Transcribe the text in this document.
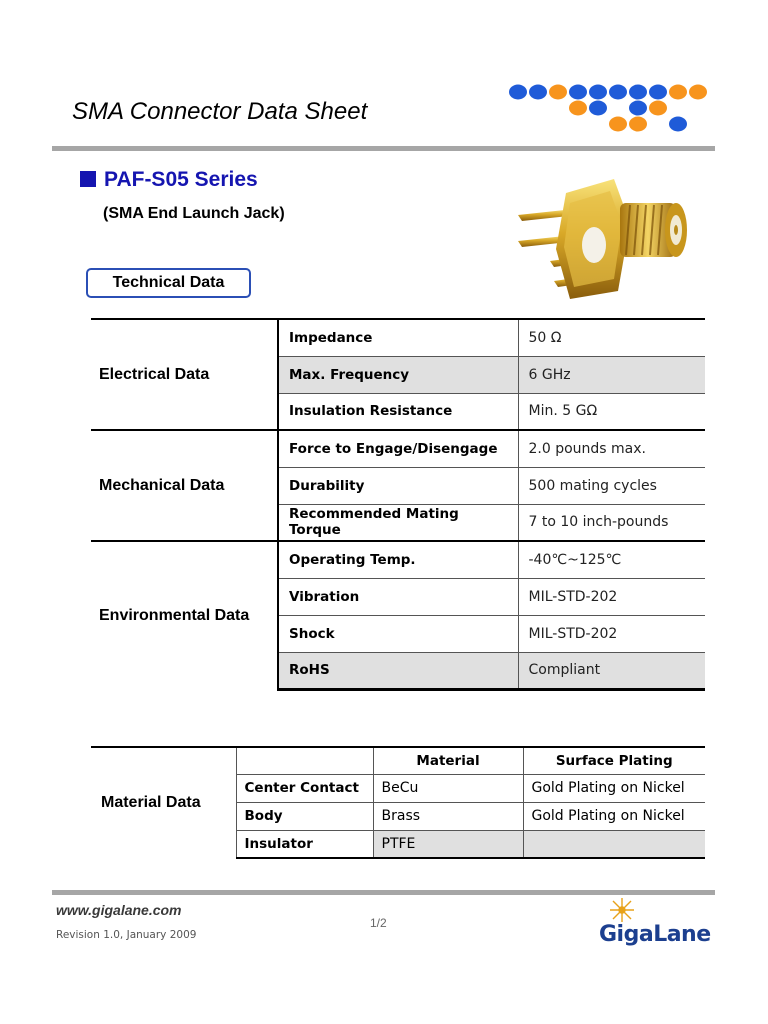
SMA Connector Data Sheet
PAF-S05 Series
(SMA End Launch Jack)
Technical Data
Electrical Data	Impedance	50 Ω
	Max. Frequency	6 GHz
	Insulation Resistance	Min. 5 GΩ
Mechanical Data	Force to Engage/Disengage	2.0 pounds max.
	Durability	500 mating cycles
	Recommended Mating Torque	7 to 10 inch-pounds
Environmental Data	Operating Temp.	-40℃~125℃
	Vibration	MIL-STD-202
	Shock	MIL-STD-202
	RoHS	Compliant
Material Data		Material	Surface Plating
	Center Contact	BeCu	Gold Plating on Nickel
	Body	Brass	Gold Plating on Nickel
	Insulator	PTFE	
www.gigalane.com
1/2
Revision 1.0, January 2009	GigaLane
